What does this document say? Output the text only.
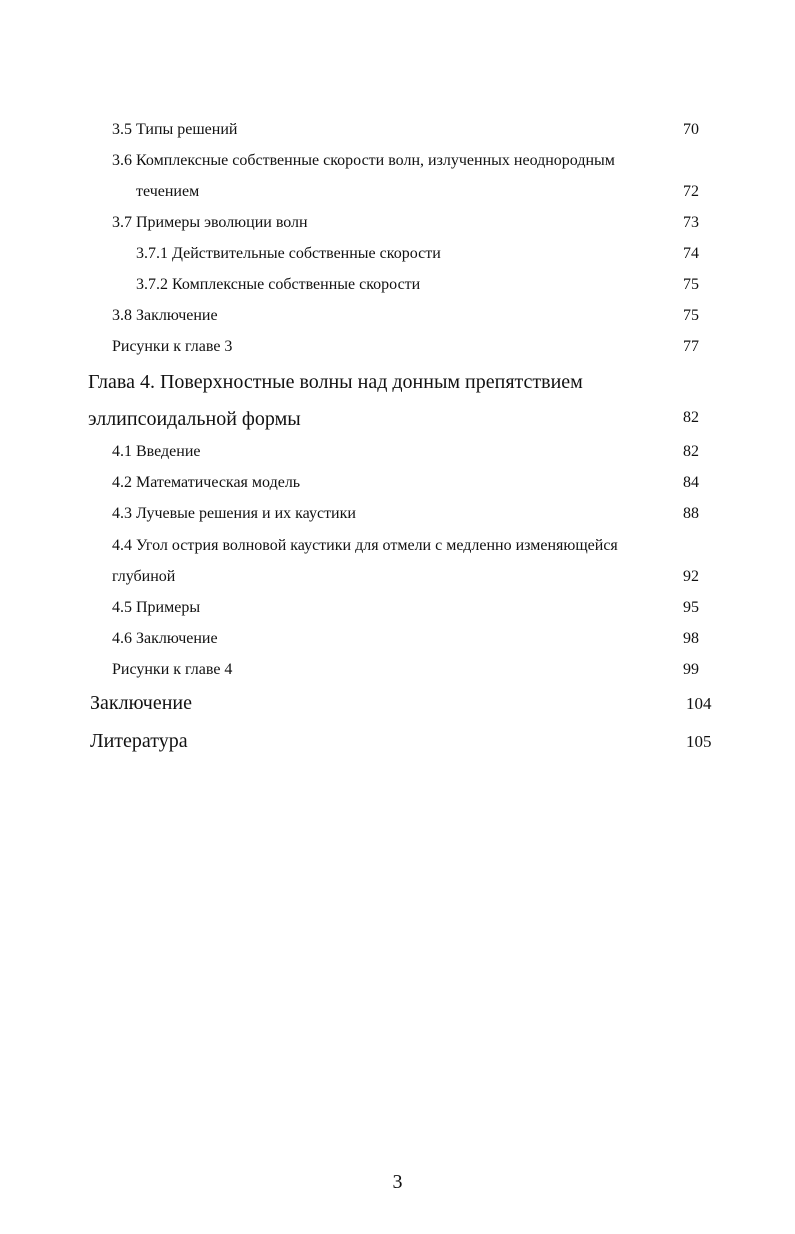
3.5 Типы решений	70
3.6 Комплексные собственные скорости волн, излученных неоднородным
течением	72
3.7 Примеры эволюции волн	73
3.7.1 Действительные собственные скорости	74
3.7.2 Комплексные собственные скорости	75
3.8 Заключение	75
Рисунки к главе 3	77
Глава 4. Поверхностные волны над донным препятствием
эллипсоидальной формы	82
4.1 Введение	82
4.2 Математическая модель	84
4.3 Лучевые решения и их каустики	88
4.4 Угол острия волновой каустики для отмели с медленно изменяющейся
глубиной	92
4.5 Примеры	95
4.6 Заключение	98
Рисунки к главе 4	99
Заключение	104
Литература	105
3
